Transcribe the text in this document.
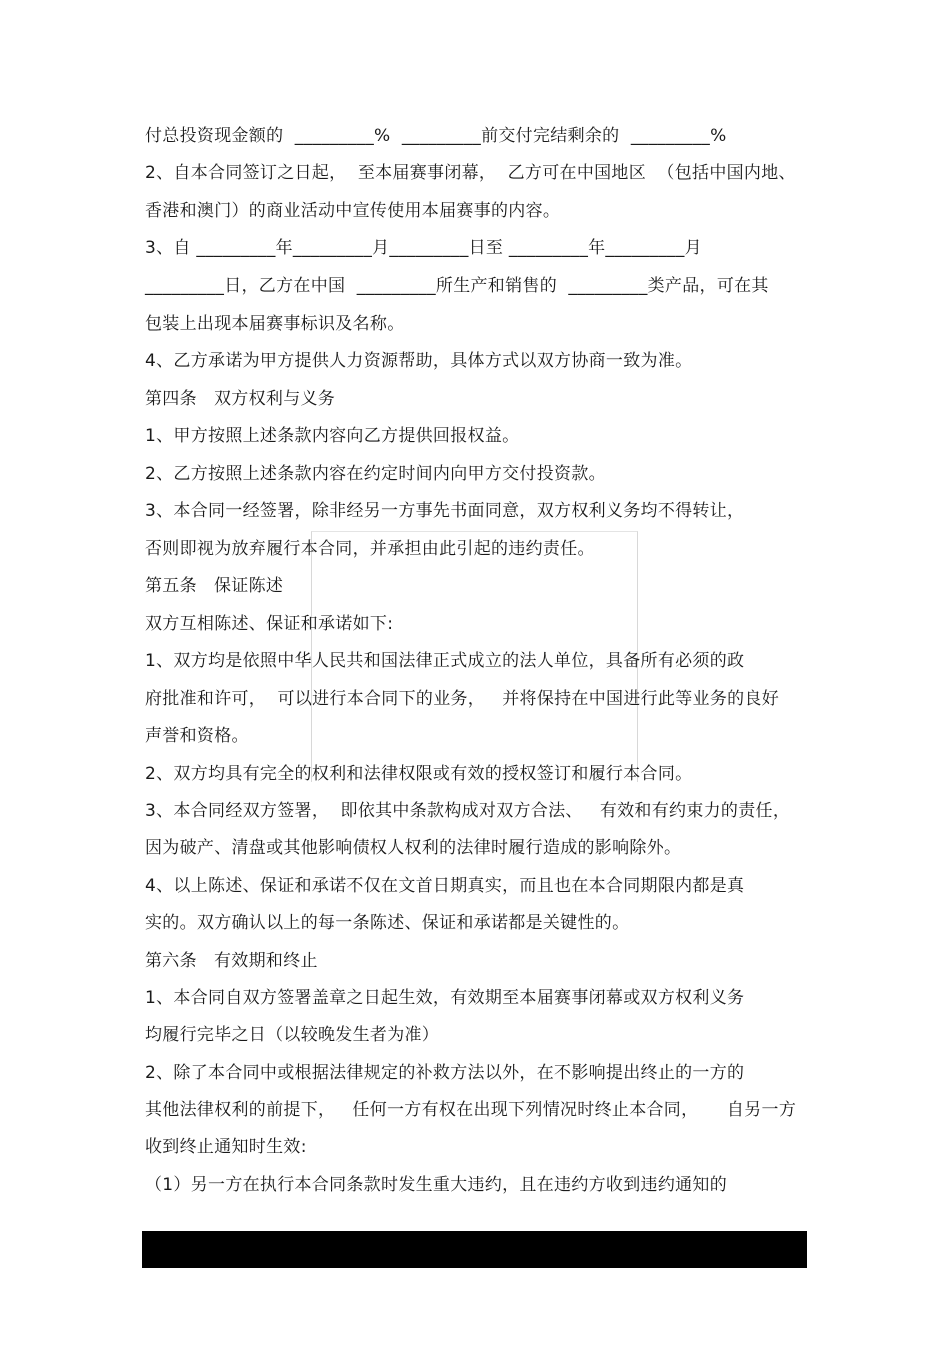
付总投资现金额的  _________%  _________前交付完结剩余的  _________%
2、自本合同签订之日起，  至本届赛事闭幕，  乙方可在中国地区  （包括中国内地、
香港和澳门）的商业活动中宣传使用本届赛事的内容。
3、自 _________年_________月_________日至 _________年_________月
_________日，乙方在中国  _________所生产和销售的  _________类产品，可在其
包装上出现本届赛事标识及名称。
4、乙方承诺为甲方提供人力资源帮助，具体方式以双方协商一致为准。
第四条   双方权利与义务
1、甲方按照上述条款内容向乙方提供回报权益。
2、乙方按照上述条款内容在约定时间内向甲方交付投资款。
3、本合同一经签署，除非经另一方事先书面同意，双方权利义务均不得转让，
否则即视为放弃履行本合同，并承担由此引起的违约责任。
第五条   保证陈述
双方互相陈述、保证和承诺如下:
1、双方均是依照中华人民共和国法律正式成立的法人单位，具备所有必须的政
府批准和许可，  可以进行本合同下的业务，   并将保持在中国进行此等业务的良好
声誉和资格。
2、双方均具有完全的权利和法律权限或有效的授权签订和履行本合同。
3、本合同经双方签署，  即依其中条款构成对双方合法、   有效和有约束力的责任，
因为破产、清盘或其他影响债权人权利的法律时履行造成的影响除外。
4、以上陈述、保证和承诺不仅在文首日期真实，而且也在本合同期限内都是真
实的。双方确认以上的每一条陈述、保证和承诺都是关键性的。
第六条   有效期和终止
1、本合同自双方签署盖章之日起生效，有效期至本届赛事闭幕或双方权利义务
均履行完毕之日（以较晚发生者为准）
2、除了本合同中或根据法律规定的补救方法以外，在不影响提出终止的一方的
其他法律权利的前提下，   任何一方有权在出现下列情况时终止本合同，     自另一方
收到终止通知时生效:
（1）另一方在执行本合同条款时发生重大违约，且在违约方收到违约通知的
